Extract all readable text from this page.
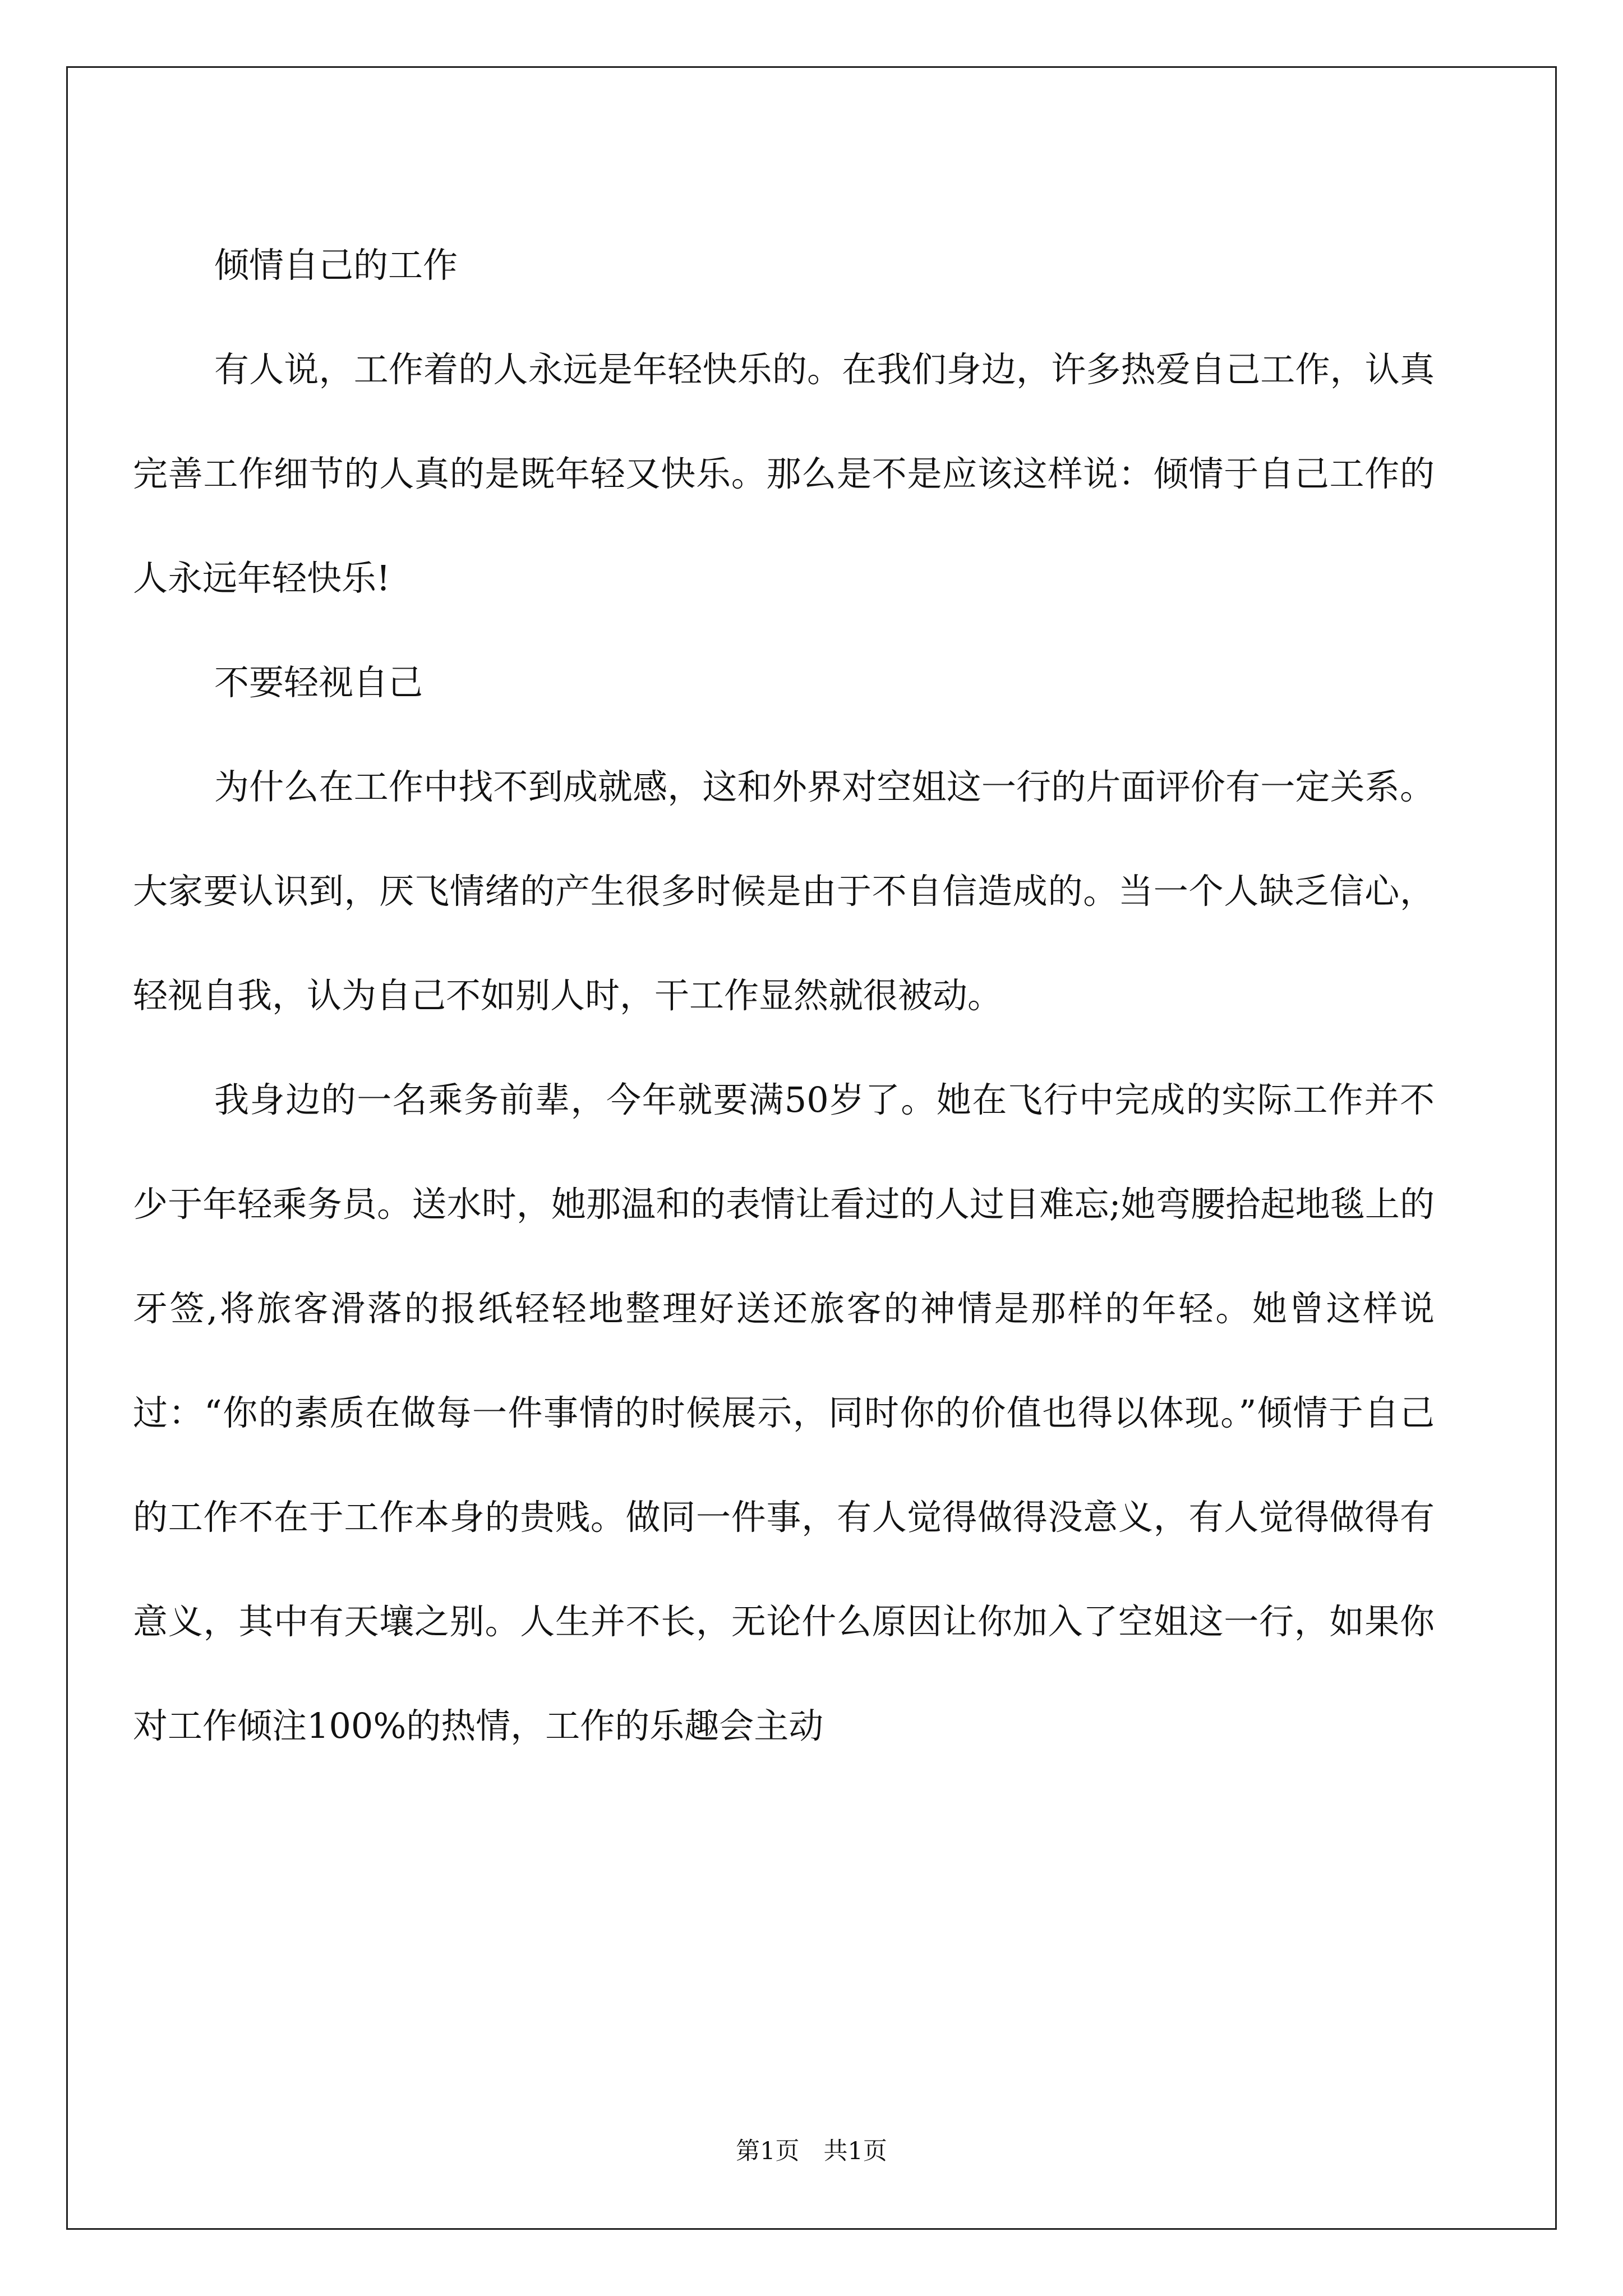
倾情自己的工作

有人说，工作着的人永远是年轻快乐的。在我们身边，许多热爱自己工作，认真完善工作细节的人真的是既年轻又快乐。那么是不是应该这样说：倾情于自己工作的人永远年轻快乐!

不要轻视自己

为什么在工作中找不到成就感，这和外界对空姐这一行的片面评价有一定关系。大家要认识到，厌飞情绪的产生很多时候是由于不自信造成的。当一个人缺乏信心，轻视自我，认为自己不如别人时，干工作显然就很被动。

我身边的一名乘务前辈，今年就要满50岁了。她在飞行中完成的实际工作并不少于年轻乘务员。送水时，她那温和的表情让看过的人过目难忘;她弯腰拾起地毯上的牙签,将旅客滑落的报纸轻轻地整理好送还旅客的神情是那样的年轻。她曾这样说过：“你的素质在做每一件事情的时候展示，同时你的价值也得以体现。”倾情于自己的工作不在于工作本身的贵贱。做同一件事，有人觉得做得没意义，有人觉得做得有意义，其中有天壤之别。人生并不长，无论什么原因让你加入了空姐这一行，如果你对工作倾注100%的热情，工作的乐趣会主动

第1页　共1页
